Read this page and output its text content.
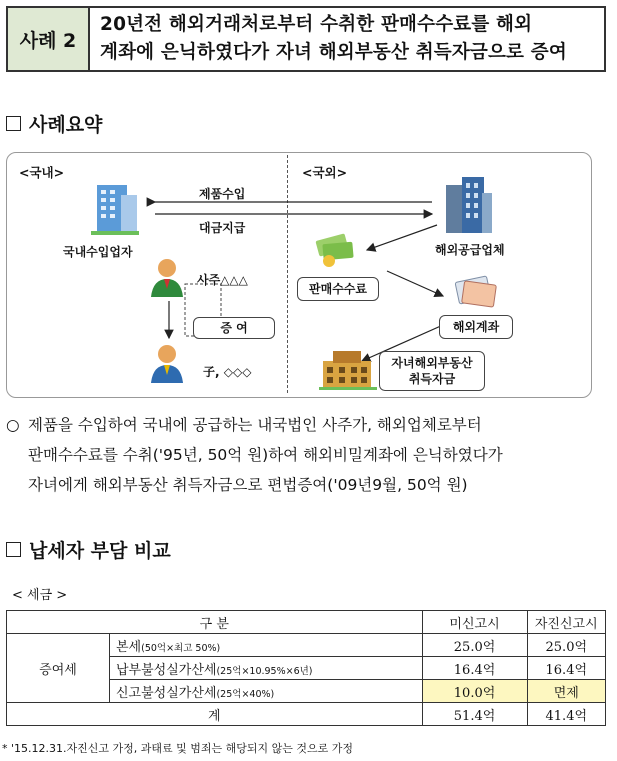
사례 2
20년전 해외거래처로부터 수취한 판매수수료를 해외
계좌에 은닉하였다가 자녀 해외부동산 취득자금으로 증여
사례요약
<국내>	<국외>
제품수입
대금지급
국내수입업자	해외공급업체
사주△△△
증 여
子, ◇◇◇
판매수수료
해외계좌
자녀해외부동산
취득자금
○ 제품을 수입하여 국내에 공급하는 내국법인 사주가, 해외업체로부터
판매수수료를 수취('95년, 50억 원)하여 해외비밀계좌에 은닉하였다가
자녀에게 해외부동산 취득자금으로 편법증여('09년9월, 50억 원)
납세자 부담 비교
< 세금 >
구 분		미신고시	자진신고시
증여세	본세(50억×최고 50%)	25.0억	25.0억
	납부불성실가산세(25억×10.95%×6년)	16.4억	16.4억
	신고불성실가산세(25억×40%)	10.0억	면제
계		51.4억	41.4억
* '15.12.31.자진신고 가정, 과태료 및 범죄는 해당되지 않는 것으로 가정
